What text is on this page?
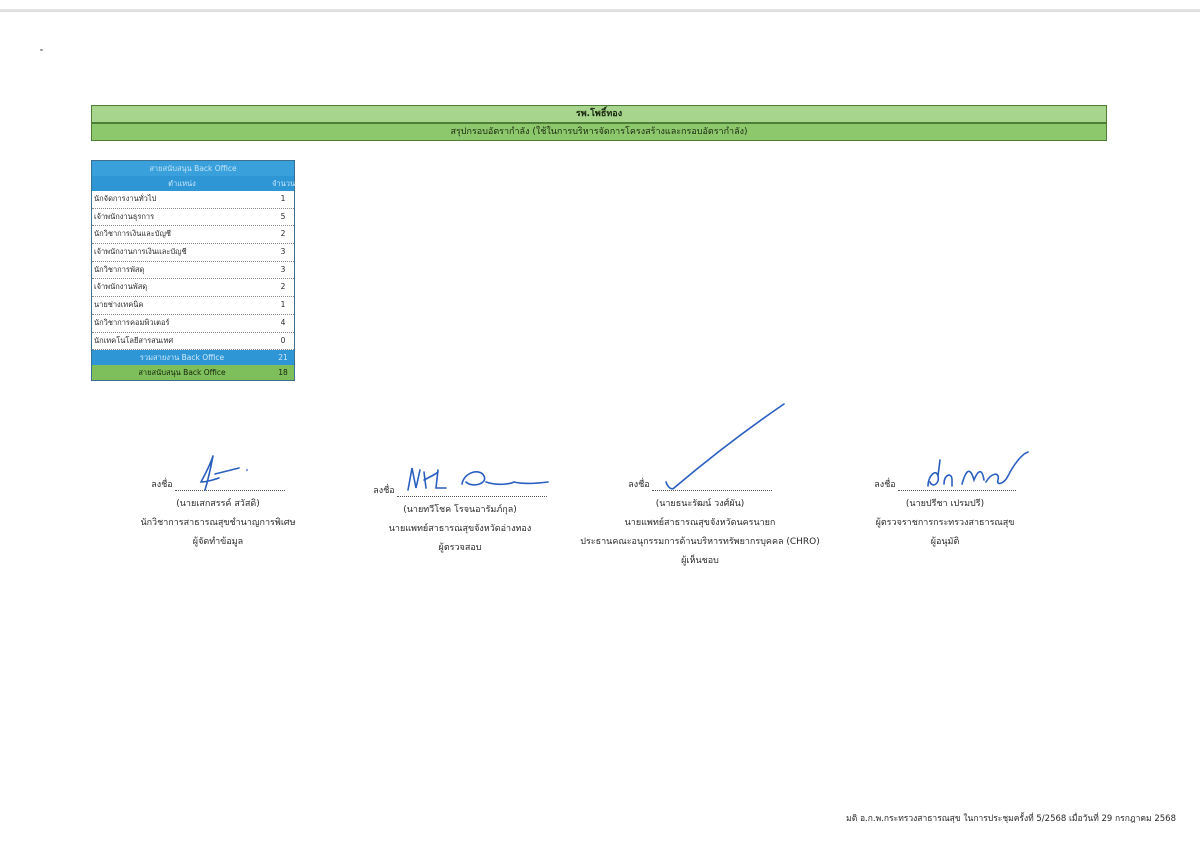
รพ.โพธิ์ทอง
สรุปกรอบอัตรากำลัง (ใช้ในการบริหารจัดการโครงสร้างและกรอบอัตรากำลัง)
สายสนับสนุน Back Office
ตำแหน่ง	จำนวน
นักจัดการงานทั่วไป	1
เจ้าพนักงานธุรการ	5
นักวิชาการเงินและบัญชี	2
เจ้าพนักงานการเงินและบัญชี	3
นักวิชาการพัสดุ	3
เจ้าพนักงานพัสดุ	2
นายช่างเทคนิค	1
นักวิชาการคอมพิวเตอร์	4
นักเทคโนโลยีสารสนเทศ	0
รวมสายงาน Back Office	21
สายสนับสนุน Back Office	18
ลงชื่อ

(นายเสกสรรค์ สวัสดิ)

นักวิชาการสาธารณสุขชำนาญการพิเศษ

ผู้จัดทำข้อมูล

ลงชื่อ

(นายทวีโชค โรจนอารัมภ์กุล)

นายแพทย์สาธารณสุขจังหวัดอ่างทอง

ผู้ตรวจสอบ

ลงชื่อ

(นายธนะรัฒน์ วงศ์ผัน)

นายแพทย์สาธารณสุขจังหวัดนครนายก

ประธานคณะอนุกรรมการด้านบริหารทรัพยากรบุคคล (CHRO)

ผู้เห็นชอบ

ลงชื่อ

(นายปรีชา เปรมปรี)

ผู้ตรวจราชการกระทรวงสาธารณสุข

ผู้อนุมัติ

มติ อ.ก.พ.กระทรวงสาธารณสุข ในการประชุมครั้งที่ 5/2568 เมื่อวันที่ 29 กรกฎาคม 2568
